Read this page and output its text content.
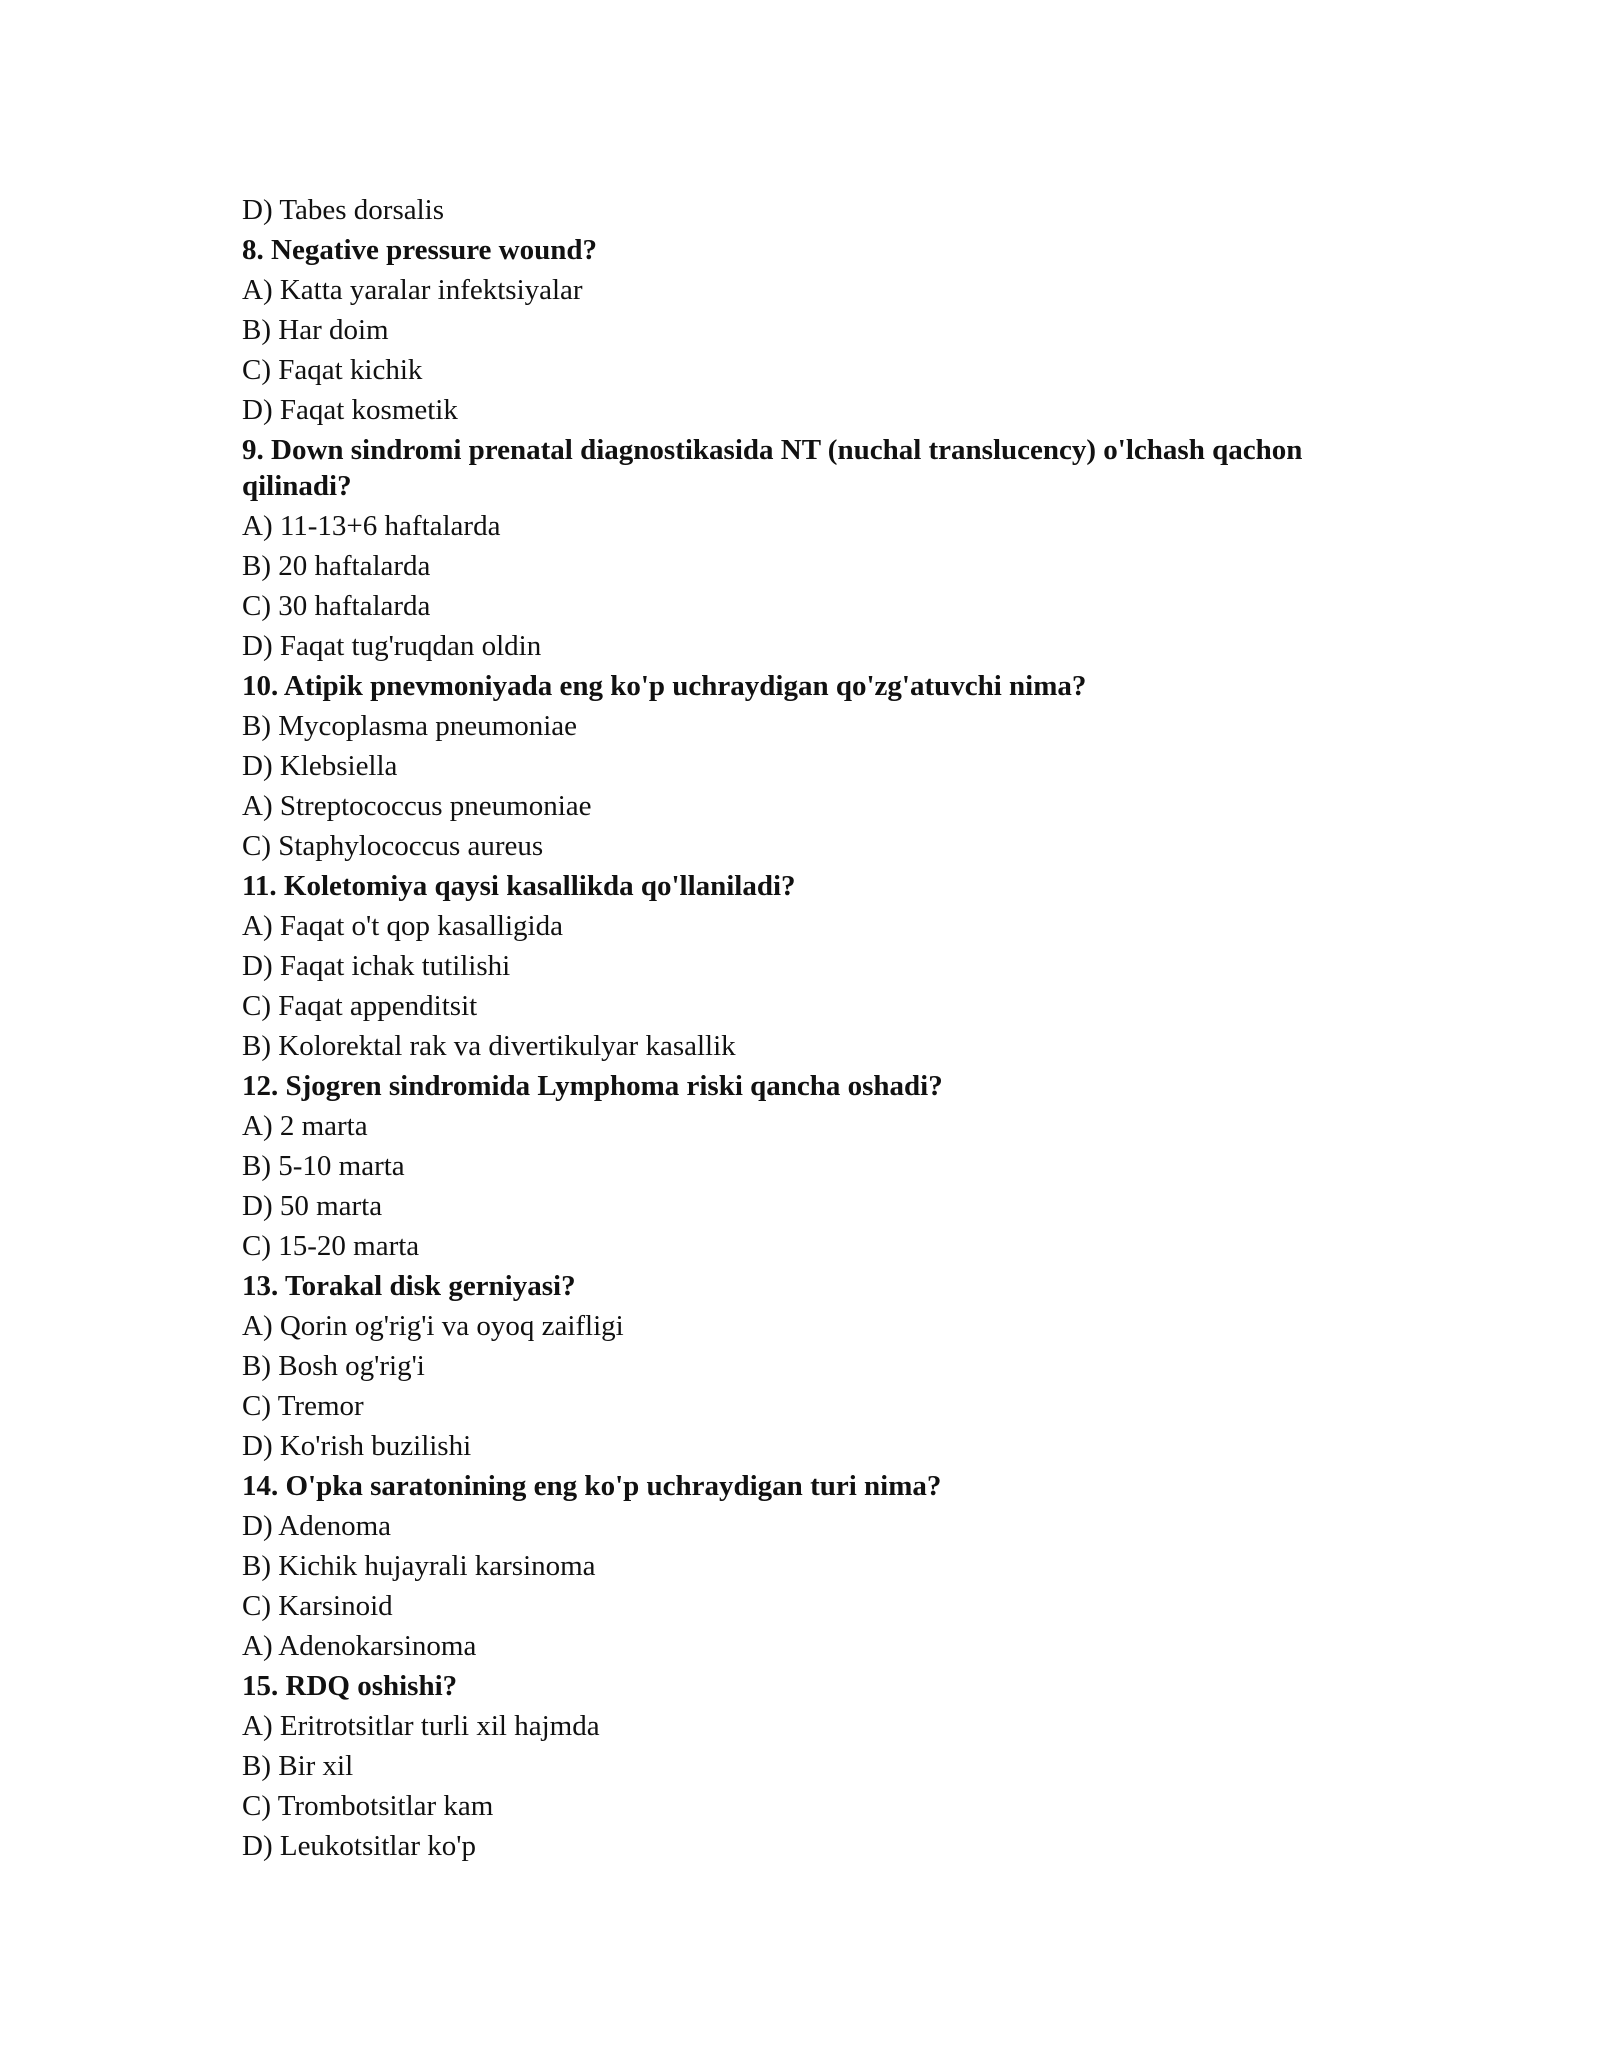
D) Tabes dorsalis
8. Negative pressure wound?
A) Katta yaralar infektsiyalar
B) Har doim
C) Faqat kichik
D) Faqat kosmetik
9. Down sindromi prenatal diagnostikasida NT (nuchal translucency) o'lchash qachon qilinadi?
A) 11-13+6 haftalarda
B) 20 haftalarda
C) 30 haftalarda
D) Faqat tug'ruqdan oldin
10. Atipik pnevmoniyada eng ko'p uchraydigan qo'zg'atuvchi nima?
B) Mycoplasma pneumoniae
D) Klebsiella
A) Streptococcus pneumoniae
C) Staphylococcus aureus
11. Koletomiya qaysi kasallikda qo'llaniladi?
A) Faqat o't qop kasalligida
D) Faqat ichak tutilishi
C) Faqat appenditsit
B) Kolorektal rak va divertikulyar kasallik
12. Sjogren sindromida Lymphoma riski qancha oshadi?
A) 2 marta
B) 5-10 marta
D) 50 marta
C) 15-20 marta
13. Torakal disk gerniyasi?
A) Qorin og'rig'i va oyoq zaifligi
B) Bosh og'rig'i
C) Tremor
D) Ko'rish buzilishi
14. O'pka saratonining eng ko'p uchraydigan turi nima?
D) Adenoma
B) Kichik hujayrali karsinoma
C) Karsinoid
A) Adenokarsinoma
15. RDQ oshishi?
A) Eritrotsitlar turli xil hajmda
B) Bir xil
C) Trombotsitlar kam
D) Leukotsitlar ko'p
